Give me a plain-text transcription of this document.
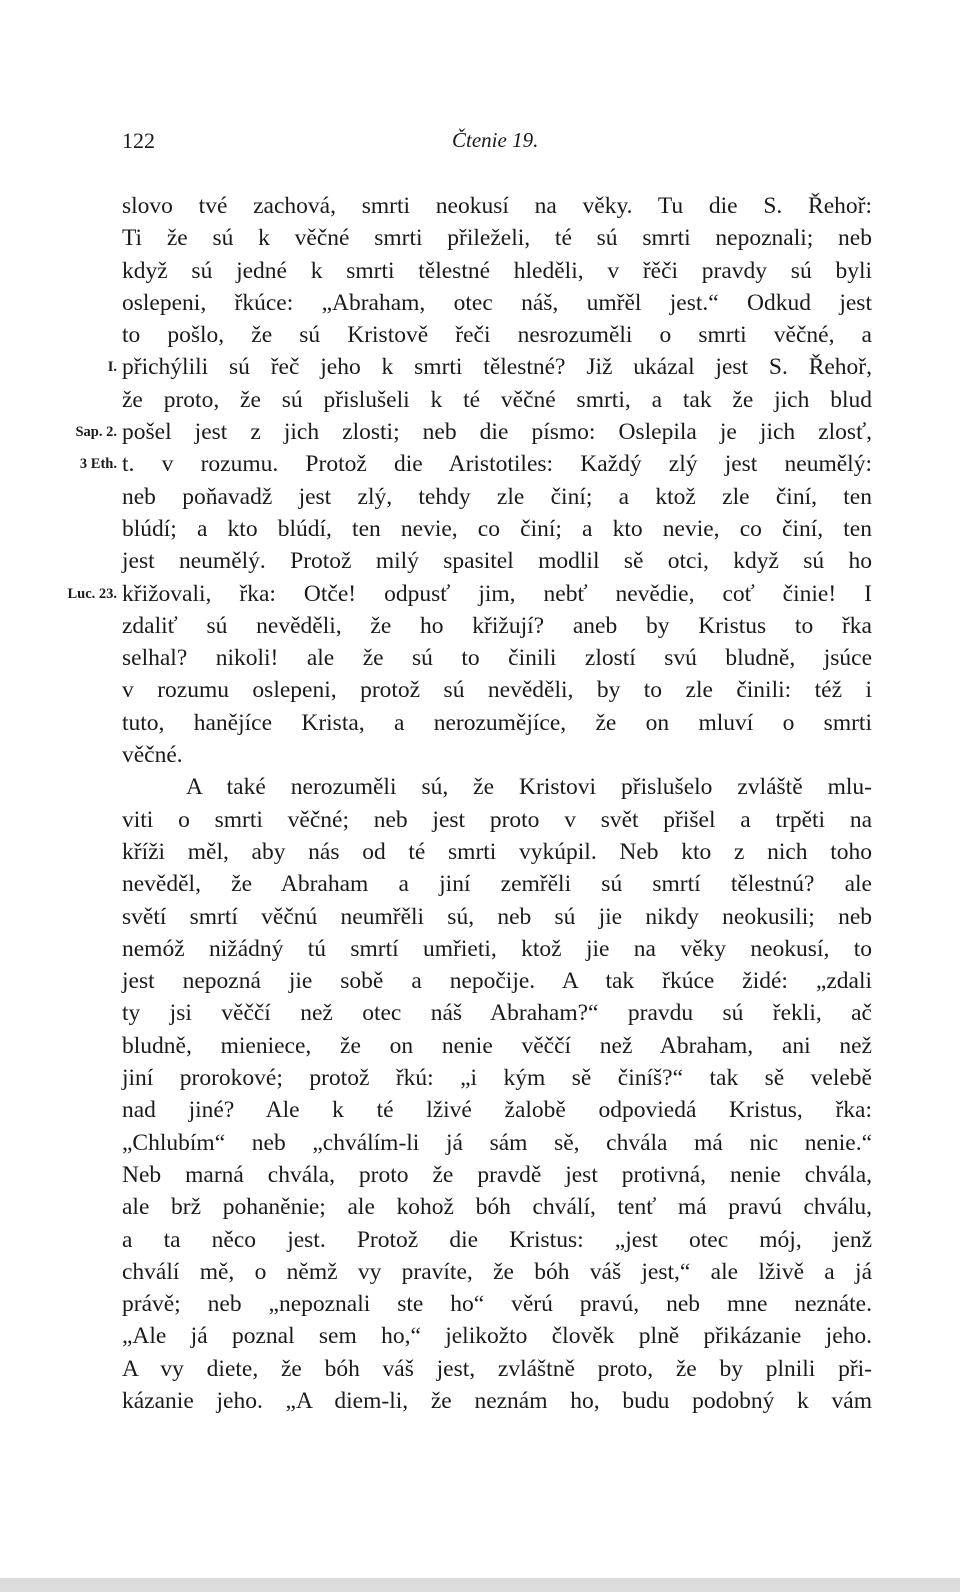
122	Čtenie 19.
slovo tvé zachová, smrti neokusí na věky. Tu die S. Řehoř:
Ti že sú k věčné smrti přileželi, té sú smrti nepoznali; neb
když sú jedné k smrti tělestné hleděli, v řěči pravdy sú byli
oslepeni, řkúce: „Abraham, otec náš, umřěl jest.“ Odkud jest
to pošlo, že sú Kristově řeči nesrozuměli o smrti věčné, a
přichýlili sú řeč jeho k smrti tělestné? Již ukázal jest S. Řehoř,
I.
že proto, že sú přislušeli k té věčné smrti, a tak že jich blud
pošel jest z jich zlosti; neb die písmo: Oslepila je jich zlosť,
Sap. 2.
t. v rozumu. Protož die Aristotiles: Každý zlý jest neumělý:
3 Eth.
neb poňavadž jest zlý, tehdy zle činí; a ktož zle činí, ten
blúdí; a kto blúdí, ten nevie, co činí; a kto nevie, co činí, ten
jest neumělý. Protož milý spasitel modlil sě otci, když sú ho
křižovali, řka: Otče! odpusť jim, nebť nevědie, coť činie! I
Luc. 23.
zdaliť sú nevěděli, že ho křižují? aneb by Kristus to řka
selhal? nikoli! ale že sú to činili zlostí svú bludně, jsúce
v rozumu oslepeni, protož sú nevěděli, by to zle činili: též i
tuto, hanějíce Krista, a nerozumějíce, že on mluví o smrti
věčné.
A také nerozuměli sú, že Kristovi přislušelo zvláště mlu-
viti o smrti věčné; neb jest proto v svět přišel a trpěti na
kříži měl, aby nás od té smrti vykúpil. Neb kto z nich toho
nevěděl, že Abraham a jiní zemřěli sú smrtí tělestnú? ale
světí smrtí věčnú neumřěli sú, neb sú jie nikdy neokusili; neb
nemóž nižádný tú smrtí umřieti, ktož jie na věky neokusí, to
jest nepozná jie sobě a nepočije. A tak řkúce židé: „zdali
ty jsi věččí než otec náš Abraham?“ pravdu sú řekli, ač
bludně, mieniece, že on nenie věččí než Abraham, ani než
jiní prorokové; protož řkú: „i kým sě činíš?“ tak sě velebě
nad jiné? Ale k té lživé žalobě odpoviedá Kristus, řka:
„Chlubím“ neb „chválím-li já sám sě, chvála má nic nenie.“
Neb marná chvála, proto že pravdě jest protivná, nenie chvála,
ale brž pohaněnie; ale kohož bóh chválí, tenť má pravú chválu,
a ta něco jest. Protož die Kristus: „jest otec mój, jenž
chválí mě, o němž vy pravíte, že bóh váš jest,“ ale lživě a já
právě; neb „nepoznali ste ho“ věrú pravú, neb mne neznáte.
„Ale já poznal sem ho,“ jelikožto člověk plně přikázanie jeho.
A vy diete, že bóh váš jest, zvláštně proto, že by plnili při-
kázanie jeho. „A diem-li, že neznám ho, budu podobný k vám
